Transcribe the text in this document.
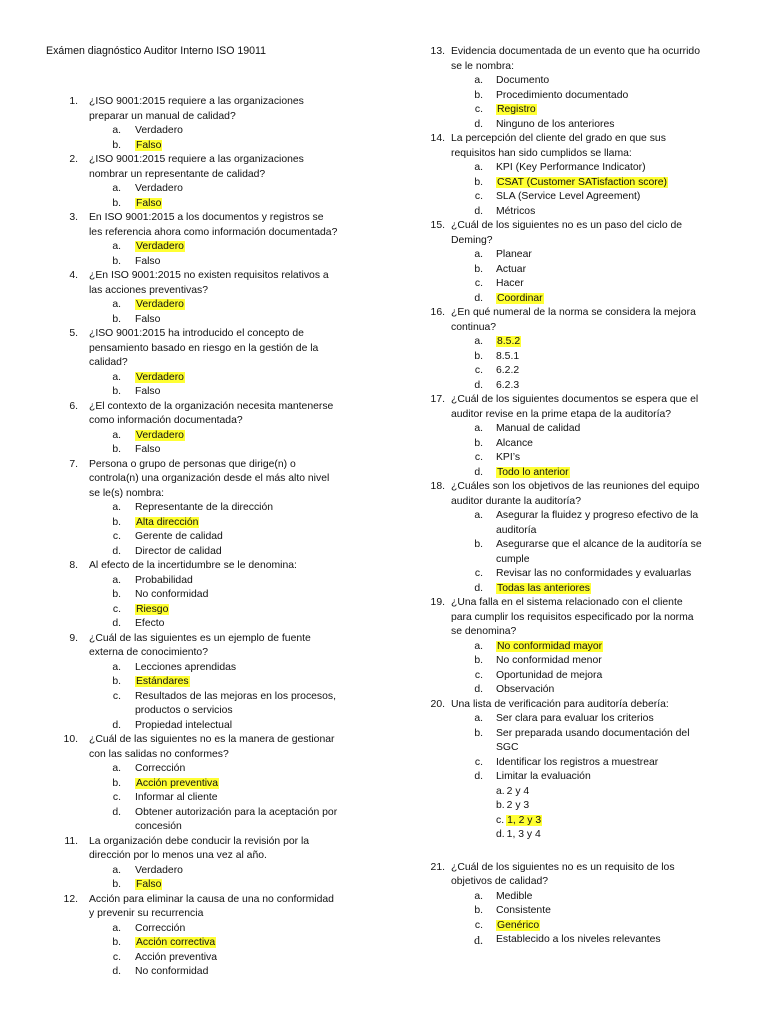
Exámen diagnóstico Auditor Interno ISO 19011
1. ¿ISO 9001:2015 requiere a las organizaciones
preparar un manual de calidad?
a. Verdadero
b. Falso
2. ¿ISO 9001:2015 requiere a las organizaciones
nombrar un representante de calidad?
a. Verdadero
b. Falso
3. En ISO 9001:2015 a los documentos y registros se
les referencia ahora como información documentada?
a. Verdadero
b. Falso
4. ¿En ISO 9001:2015 no existen requisitos relativos a
las acciones preventivas?
a. Verdadero
b. Falso
5. ¿ISO 9001:2015 ha introducido el concepto de
pensamiento basado en riesgo en la gestión de la
calidad?
a. Verdadero
b. Falso
6. ¿El contexto de la organización necesita mantenerse
como información documentada?
a. Verdadero
b. Falso
7. Persona o grupo de personas que dirige(n) o
controla(n) una organización desde el más alto nivel
se le(s) nombra:
a. Representante de la dirección
b. Alta dirección
c. Gerente de calidad
d. Director de calidad
8. Al efecto de la incertidumbre se le denomina:
a. Probabilidad
b. No conformidad
c. Riesgo
d. Efecto
9. ¿Cuál de las siguientes es un ejemplo de fuente
externa de conocimiento?
a. Lecciones aprendidas
b. Estándares
c. Resultados de las mejoras en los procesos,
productos o servicios
d. Propiedad intelectual
10. ¿Cuál de las siguientes no es la manera de gestionar
con las salidas no conformes?
a. Corrección
b. Acción preventiva
c. Informar al cliente
d. Obtener autorización para la aceptación por
concesión
11. La organización debe conducir la revisión por la
dirección por lo menos una vez al año.
a. Verdadero
b. Falso
12. Acción para eliminar la causa de una no conformidad
y prevenir su recurrencia
a. Corrección
b. Acción correctiva
c. Acción preventiva
d. No conformidad
13. Evidencia documentada de un evento que ha ocurrido
se le nombra:
a. Documento
b. Procedimiento documentado
c. Registro
d. Ninguno de los anteriores
14. La percepción del cliente del grado en que sus
requisitos han sido cumplidos se llama:
a. KPI (Key Performance Indicator)
b. CSAT (Customer SATisfaction score)
c. SLA (Service Level Agreement)
d. Métricos
15. ¿Cuál de los siguientes no es un paso del ciclo de
Deming?
a. Planear
b. Actuar
c. Hacer
d. Coordinar
16. ¿En qué numeral de la norma se considera la mejora
continua?
a. 8.5.2
b. 8.5.1
c. 6.2.2
d. 6.2.3
17. ¿Cuál de los siguientes documentos se espera que el
auditor revise en la prime etapa de la auditoría?
a. Manual de calidad
b. Alcance
c. KPI’s
d. Todo lo anterior
18. ¿Cuáles son los objetivos de las reuniones del equipo
auditor durante la auditoría?
a. Asegurar la fluidez y progreso efectivo de la
auditoría
b. Asegurarse que el alcance de la auditoría se
cumple
c. Revisar las no conformidades y evaluarlas
d. Todas las anteriores
19. ¿Una falla en el sistema relacionado con el cliente
para cumplir los requisitos especificado por la norma
se denomina?
a. No conformidad mayor
b. No conformidad menor
c. Oportunidad de mejora
d. Observación
20. Una lista de verificación para auditoría debería:
a. Ser clara para evaluar los criterios
b. Ser preparada usando documentación del
SGC
c. Identificar los registros a muestrear
d. Limitar la evaluación
a. 2 y 4
b. 2 y 3
c. 1, 2 y 3
d. 1, 3 y 4
21. ¿Cuál de los siguientes no es un requisito de los
objetivos de calidad?
a. Medible
b. Consistente
c. Genérico
d. Establecido a los niveles relevantes
